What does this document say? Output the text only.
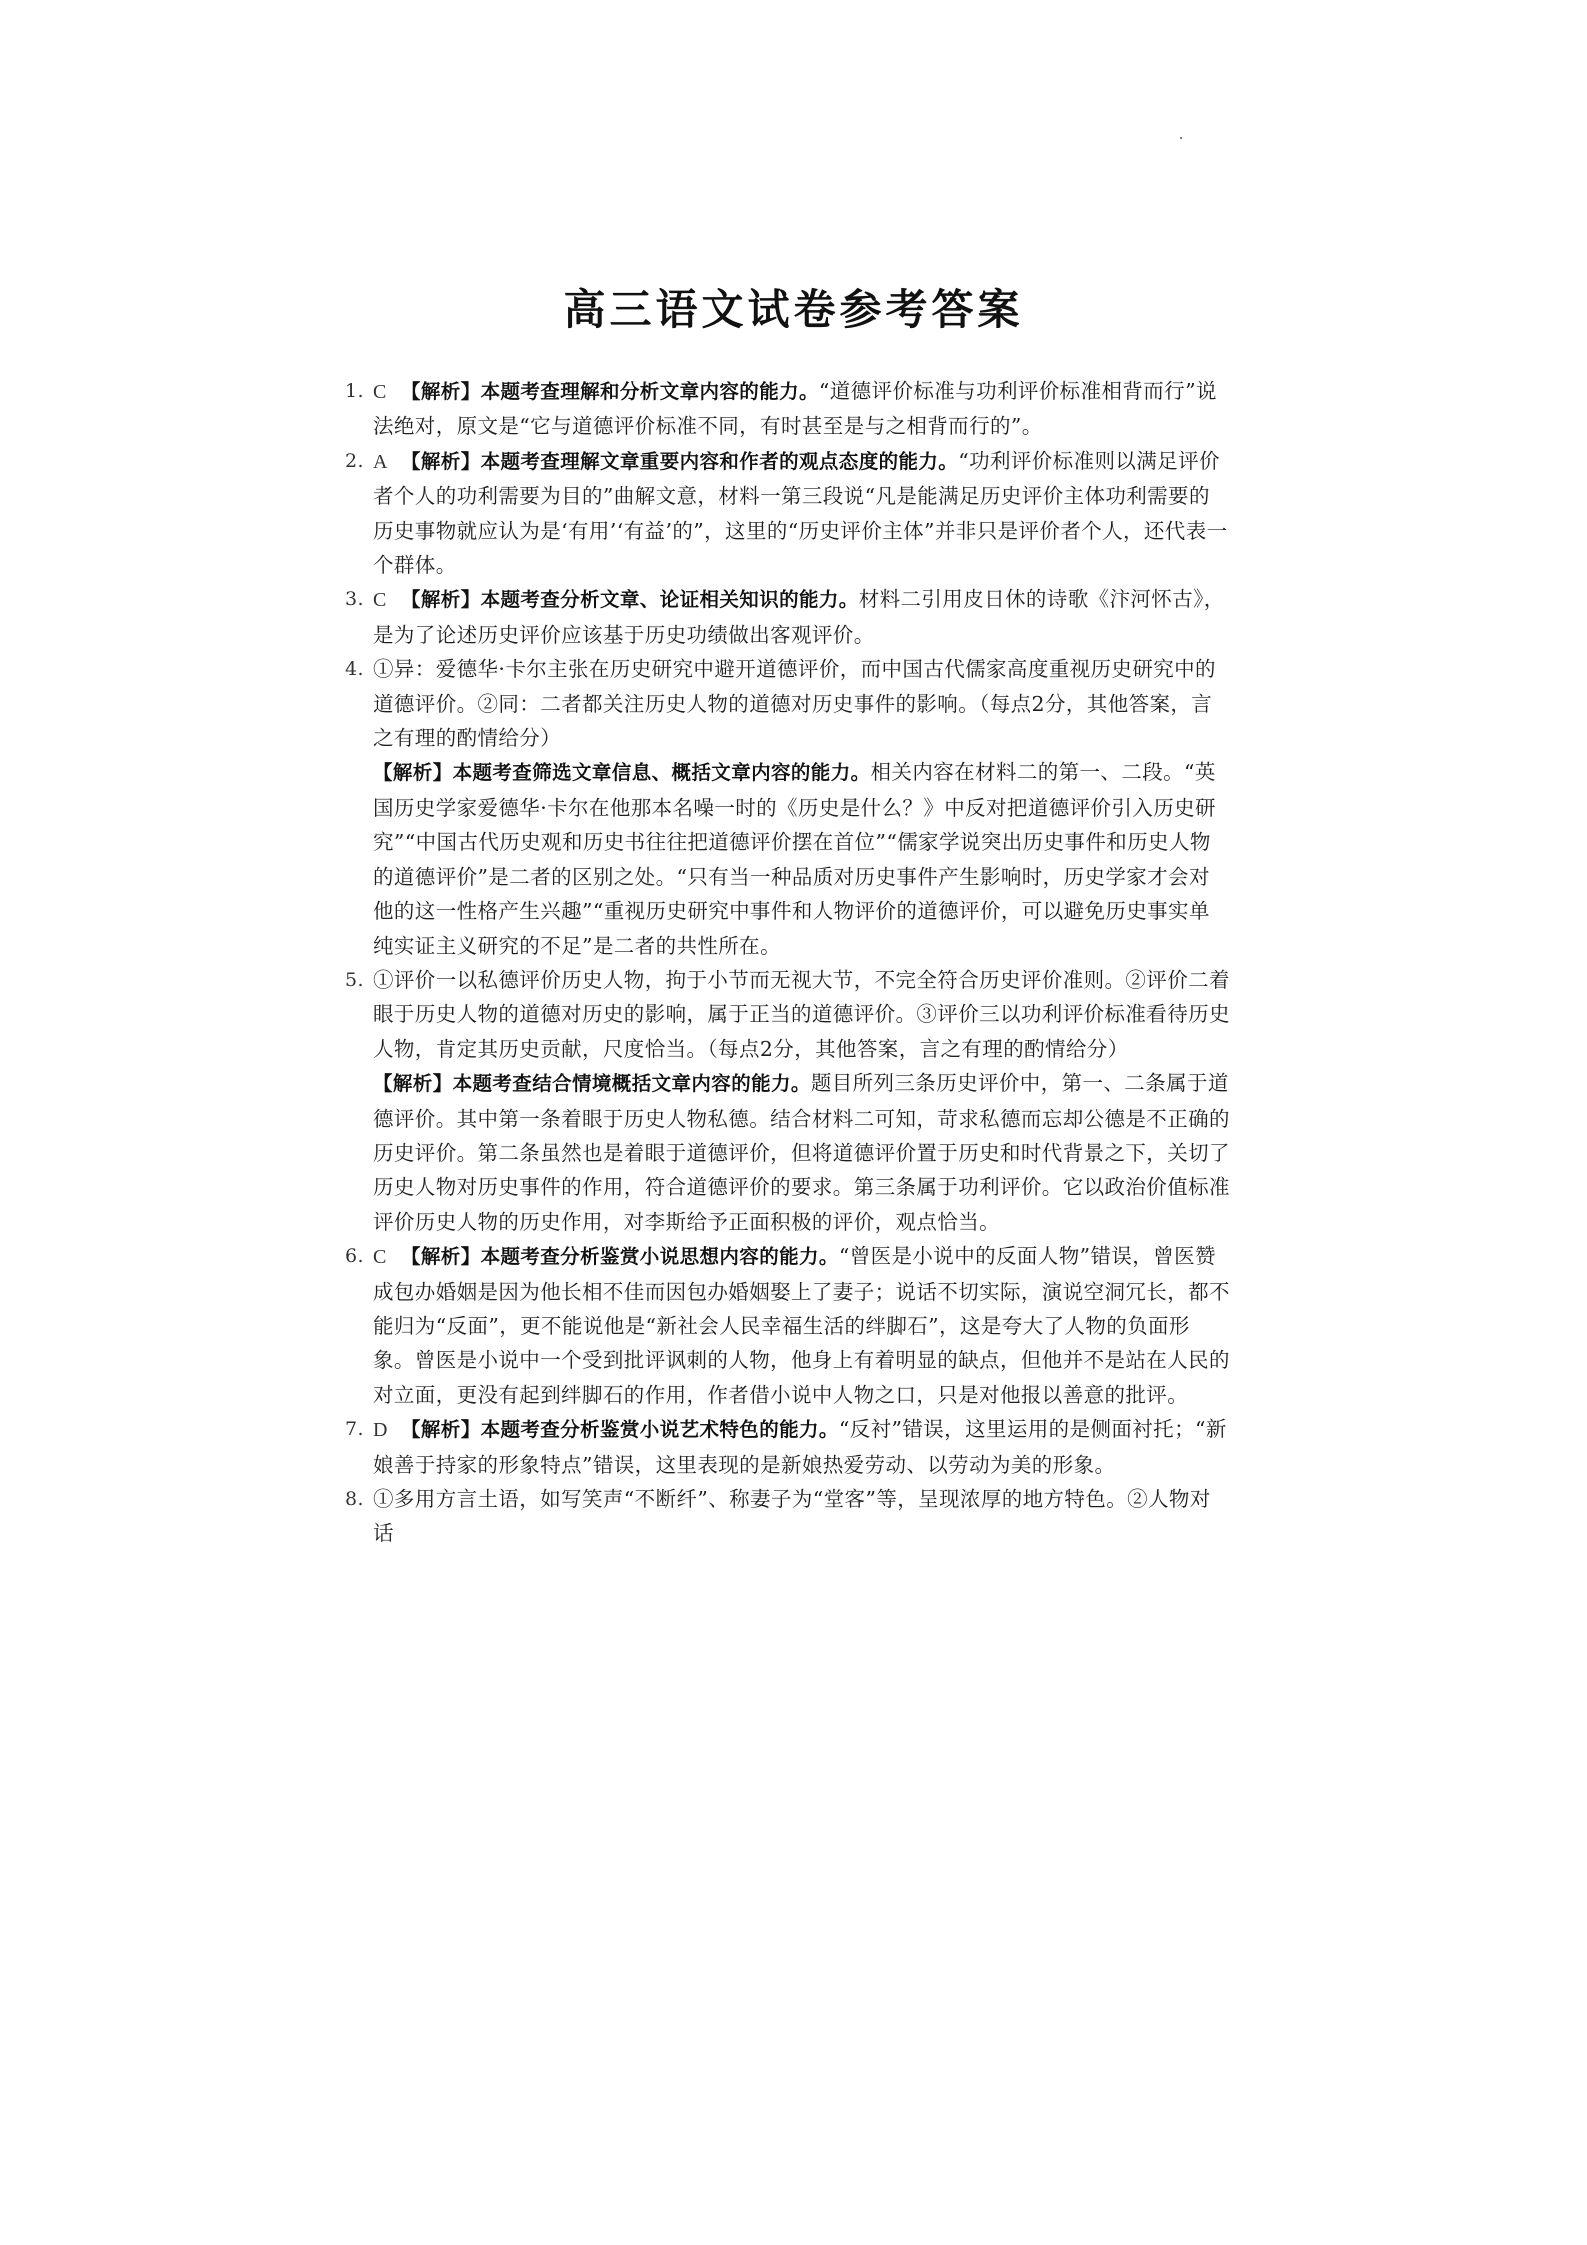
高三语文试卷参考答案

1. C 【解析】本题考查理解和分析文章内容的能力。“道德评价标准与功利评价标准相背而行”说法绝对，原文是“它与道德评价标准不同，有时甚至是与之相背而行的”。

2. A 【解析】本题考查理解文章重要内容和作者的观点态度的能力。“功利评价标准则以满足评价者个人的功利需要为目的”曲解文意，材料一第三段说“凡是能满足历史评价主体功利需要的历史事物就应认为是‘有用’‘有益’的”，这里的“历史评价主体”并非只是评价者个人，还代表一个群体。

3. C 【解析】本题考查分析文章、论证相关知识的能力。材料二引用皮日休的诗歌《汴河怀古》，是为了论述历史评价应该基于历史功绩做出客观评价。

4. ①异：爱德华·卡尔主张在历史研究中避开道德评价，而中国古代儒家高度重视历史研究中的道德评价。②同：二者都关注历史人物的道德对历史事件的影响。（每点2分，其他答案，言之有理的酌情给分）

【解析】本题考查筛选文章信息、概括文章内容的能力。相关内容在材料二的第一、二段。“英国历史学家爱德华·卡尔在他那本名噪一时的《历史是什么？》中反对把道德评价引入历史研究”“中国古代历史观和历史书往往把道德评价摆在首位”“儒家学说突出历史事件和历史人物的道德评价”是二者的区别之处。“只有当一种品质对历史事件产生影响时，历史学家才会对他的这一性格产生兴趣”“重视历史研究中事件和人物评价的道德评价，可以避免历史事实单纯实证主义研究的不足”是二者的共性所在。

5. ①评价一以私德评价历史人物，拘于小节而无视大节，不完全符合历史评价准则。②评价二着眼于历史人物的道德对历史的影响，属于正当的道德评价。③评价三以功利评价标准看待历史人物，肯定其历史贡献，尺度恰当。（每点2分，其他答案，言之有理的酌情给分）

【解析】本题考查结合情境概括文章内容的能力。题目所列三条历史评价中，第一、二条属于道德评价。其中第一条着眼于历史人物私德。结合材料二可知，苛求私德而忘却公德是不正确的历史评价。第二条虽然也是着眼于道德评价，但将道德评价置于历史和时代背景之下，关切了历史人物对历史事件的作用，符合道德评价的要求。第三条属于功利评价。它以政治价值标准评价历史人物的历史作用，对李斯给予正面积极的评价，观点恰当。

6. C 【解析】本题考查分析鉴赏小说思想内容的能力。“曾医是小说中的反面人物”错误，曾医赞成包办婚姻是因为他长相不佳而因包办婚姻娶上了妻子；说话不切实际，演说空洞冗长，都不能归为“反面”，更不能说他是“新社会人民幸福生活的绊脚石”，这是夸大了人物的负面形象。曾医是小说中一个受到批评讽刺的人物，他身上有着明显的缺点，但他并不是站在人民的对立面，更没有起到绊脚石的作用，作者借小说中人物之口，只是对他报以善意的批评。

7. D 【解析】本题考查分析鉴赏小说艺术特色的能力。“反衬”错误，这里运用的是侧面衬托；“新娘善于持家的形象特点”错误，这里表现的是新娘热爱劳动、以劳动为美的形象。

8. ①多用方言土语，如写笑声“不断纤”、称妻子为“堂客”等，呈现浓厚的地方特色。②人物对话
